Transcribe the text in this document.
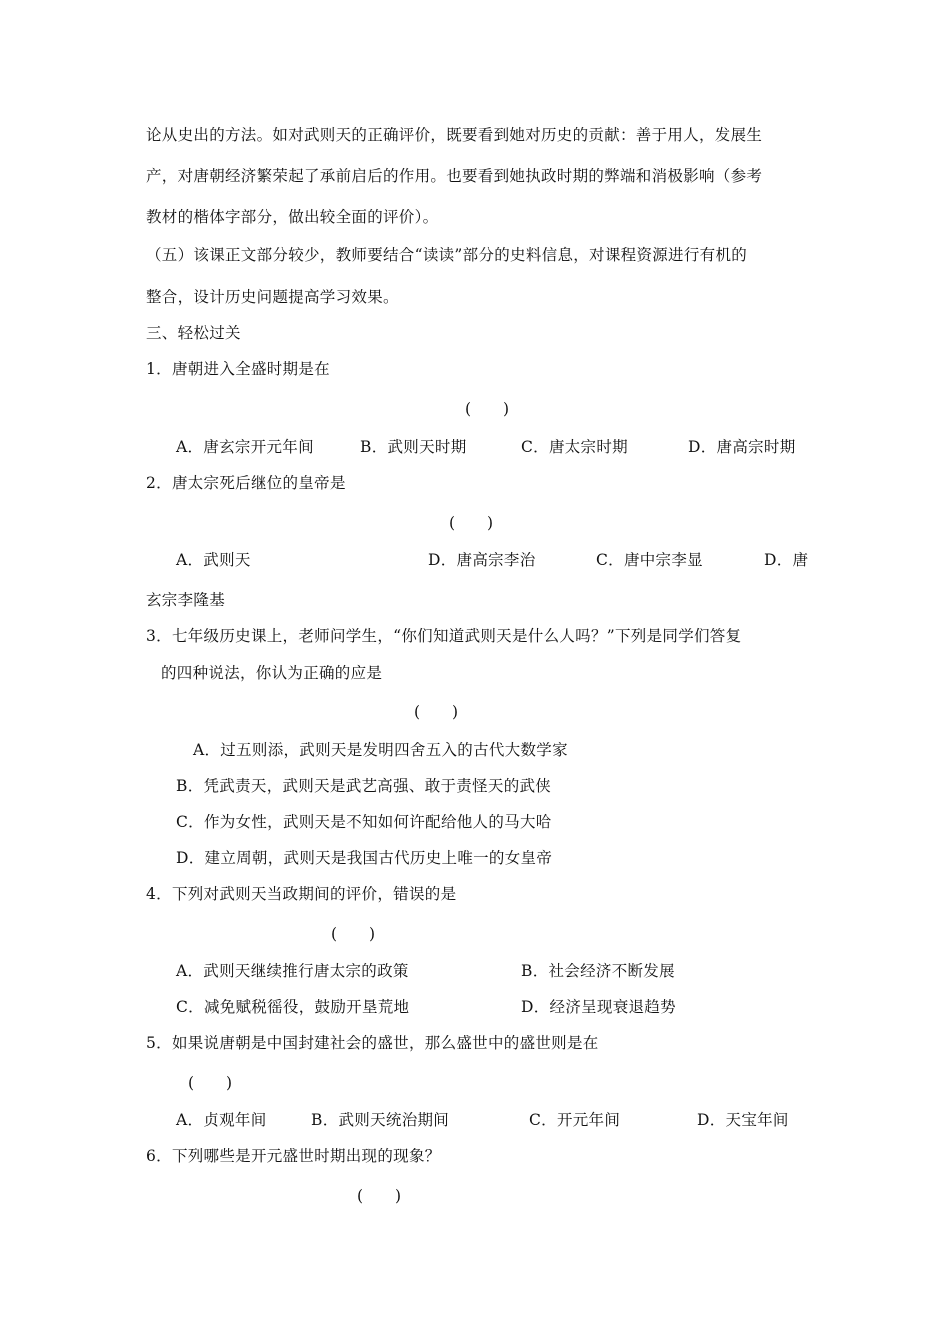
论从史出的方法。如对武则天的正确评价，既要看到她对历史的贡献：善于用人，发展生
产，对唐朝经济繁荣起了承前启后的作用。也要看到她执政时期的弊端和消极影响（参考
教材的楷体字部分，做出较全面的评价）。
（五）该课正文部分较少，教师要结合“读读”部分的史料信息，对课程资源进行有机的
整合，设计历史问题提高学习效果。
三、轻松过关
1．唐朝进入全盛时期是在
(　　)
A．唐玄宗开元年间	B．武则天时期	C．唐太宗时期	D．唐高宗时期
2．唐太宗死后继位的皇帝是
(　　)
A．武则天	D．唐高宗李治	C．唐中宗李显	D．唐
玄宗李隆基
3．七年级历史课上，老师问学生，“你们知道武则天是什么人吗？”下列是同学们答复
的四种说法，你认为正确的应是
(　　)
A．过五则添，武则天是发明四舍五入的古代大数学家
B．凭武责天，武则天是武艺高强、敢于责怪天的武侠
C．作为女性，武则天是不知如何许配给他人的马大哈
D．建立周朝，武则天是我国古代历史上唯一的女皇帝
4．下列对武则天当政期间的评价，错误的是
(　　)
A．武则天继续推行唐太宗的政策	B．社会经济不断发展
C．减免赋税徭役，鼓励开垦荒地	D．经济呈现衰退趋势
5．如果说唐朝是中国封建社会的盛世，那么盛世中的盛世则是在
(　　)
A．贞观年间	B．武则天统治期间	C．开元年间	D．天宝年间
6．下列哪些是开元盛世时期出现的现象？
(　　)
